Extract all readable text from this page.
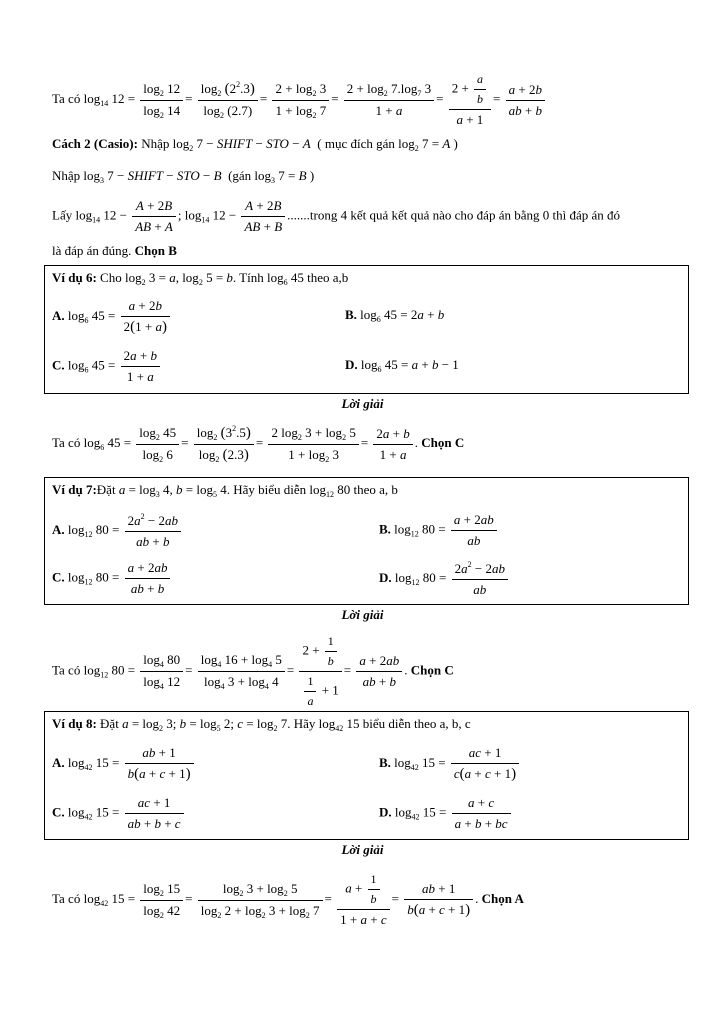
Ta có $\log_{14} 12 = \frac{\log_2 12}{\log_2 14} = \frac{\log_2 (2^2.3)}{\log_2 (2.7)} = \frac{2 + \log_2 3}{1 + \log_2 7} = \frac{2 + \log_2 7.\log_7 3}{1 + a} = \frac{2 + \frac{a}{b}}{a + 1} = \frac{a + 2b}{ab + b}$
Cách 2 (Casio): Nhập $\log_2 7$ − SHIFT − STO − A ( mục đích gán $\log_2 7 = A$ )
Nhập $\log_3 7$ − SHIFT − STO − B (gán $\log_3 7 = B$ )
Lấy $\log_{14} 12 - \frac{A + 2B}{AB + A}$ ; $\log_{14} 12 - \frac{A + 2B}{AB + B}$ .......trong 4 kết quả kết quả nào cho đáp án bằng 0 thì đáp án đó
là đáp án đúng. Chọn B
Ví dụ 6: Cho $\log_2 3 = a$, $\log_2 5 = b$. Tính $\log_6 45$ theo a,b
A. $\log_6 45 = \frac{a + 2b}{2(1 + a)}$	B. $\log_6 45 = 2a + b$
C. $\log_6 45 = \frac{2a + b}{1 + a}$	D. $\log_6 45 = a + b - 1$
Lời giải
Ta có $\log_6 45 = \frac{\log_2 45}{\log_2 6} = \frac{\log_2 (3^2.5)}{\log_2 (2.3)} = \frac{2 \log_2 3 + \log_2 5}{1 + \log_2 3} = \frac{2a + b}{1 + a}$ . Chọn C
Ví dụ 7:Đặt $a = \log_3 4$, $b = \log_5 4$. Hãy biểu diễn $\log_{12} 80$ theo a, b
A. $\log_{12} 80 = \frac{2a^2 - 2ab}{ab + b}$	B. $\log_{12} 80 = \frac{a + 2ab}{ab}$
C. $\log_{12} 80 = \frac{a + 2ab}{ab + b}$	D. $\log_{12} 80 = \frac{2a^2 - 2ab}{ab}$
Lời giải
Ta có $\log_{12} 80 = \frac{\log_4 80}{\log_4 12} = \frac{\log_4 16 + \log_4 5}{\log_4 3 + \log_4 4} = \frac{2 + \frac{1}{b}}{\frac{1}{a} + 1} = \frac{a + 2ab}{ab + b}$ . Chọn C
Ví dụ 8: Đặt $a = \log_2 3$; $b = \log_5 2$; $c = \log_2 7$. Hãy $\log_{42} 15$ biểu diễn theo a, b, c
A. $\log_{42} 15 = \frac{ab + 1}{b(a + c + 1)}$	B. $\log_{42} 15 = \frac{ac + 1}{c(a + c + 1)}$
C. $\log_{42} 15 = \frac{ac + 1}{ab + b + c}$	D. $\log_{42} 15 = \frac{a + c}{a + b + bc}$
Lời giải
Ta có $\log_{42} 15 = \frac{\log_2 15}{\log_2 42} = \frac{\log_2 3 + \log_2 5}{\log_2 2 + \log_2 3 + \log_2 7} = \frac{a + \frac{1}{b}}{1 + a + c} = \frac{ab + 1}{b(a + c + 1)}$ . Chọn A
